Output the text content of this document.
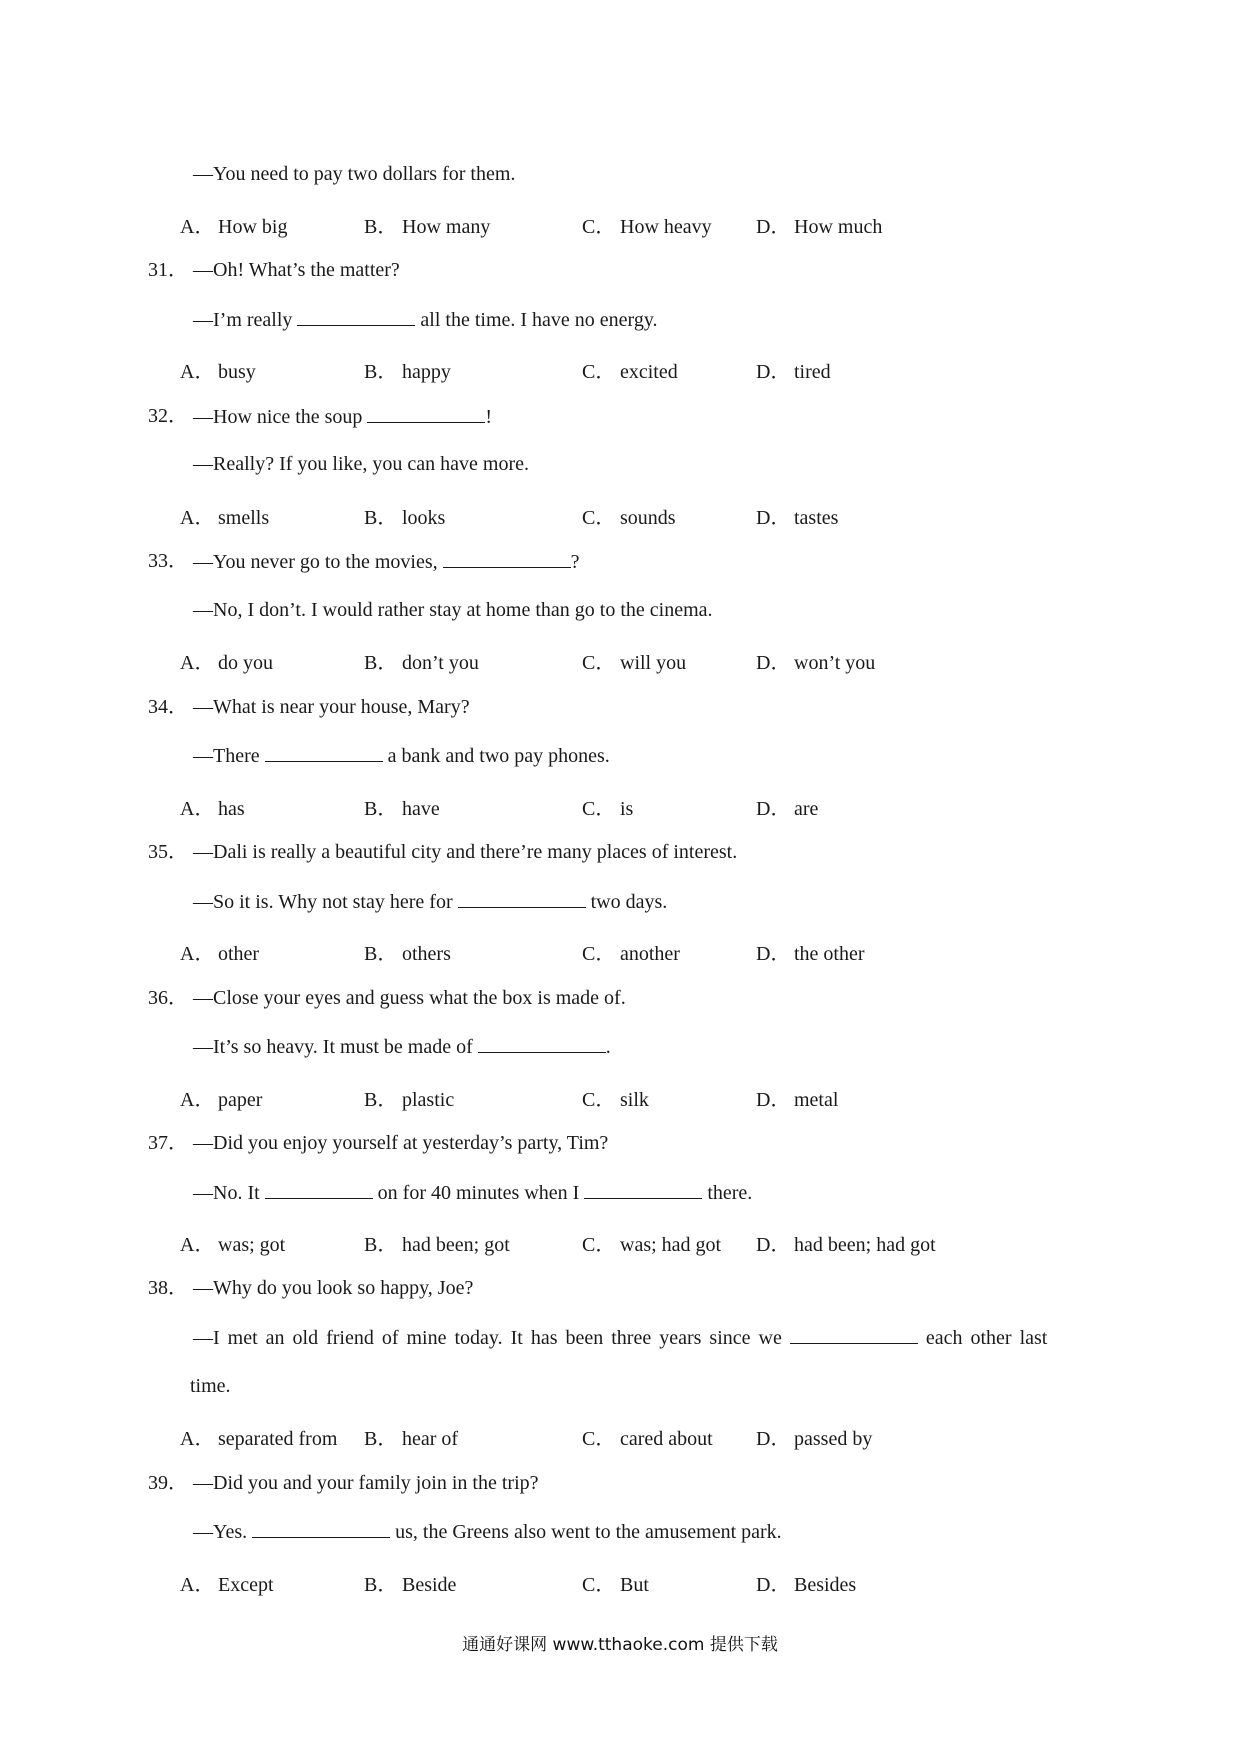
—You need to pay two dollars for them.
A． How big	B． How many	C． How heavy D． How much
31． —Oh! What’s the matter?
—I’m really	all the time. I have no energy.
A． busy	B． happy	C． excited	D． tired
32． —How nice the soup	!
—Really? If you like, you can have more.
A． smells	B． looks	C． sounds	D． tastes
33． —You never go to the movies,	?
—No, I don’t. I would rather stay at home than go to the cinema.
A． do you	B． don’t you	C． will you	D． won’t you
34． —What is near your house, Mary?
—There	a bank and two pay phones.
A． has	B． have	C． is	D． are
35． —Dali is really a beautiful city and there’re many places of interest.
—So it is. Why not stay here for	two days.
A． other	B． others	C． another	D． the other
36． —Close your eyes and guess what the box is made of.
—It’s so heavy. It must be made of	.
A． paper	B． plastic	C． silk	D． metal
37． —Did you enjoy yourself at yesterday’s party, Tim?
—No. It	on for 40 minutes when I	there.
A． was; got	B． had been; got	C． was; had got D． had been; had got
38． —Why do you look so happy, Joe?
—I met an old friend of mine today. It has been three years since we	each other last
time.
A． separated from B． hear of	C． cared about D． passed by
39． —Did you and your family join in the trip?
—Yes.	us, the Greens also went to the amusement park.
A． Except	B． Beside	C． But	D． Besides
通通好课网 www.tthaoke.com 提供下载
